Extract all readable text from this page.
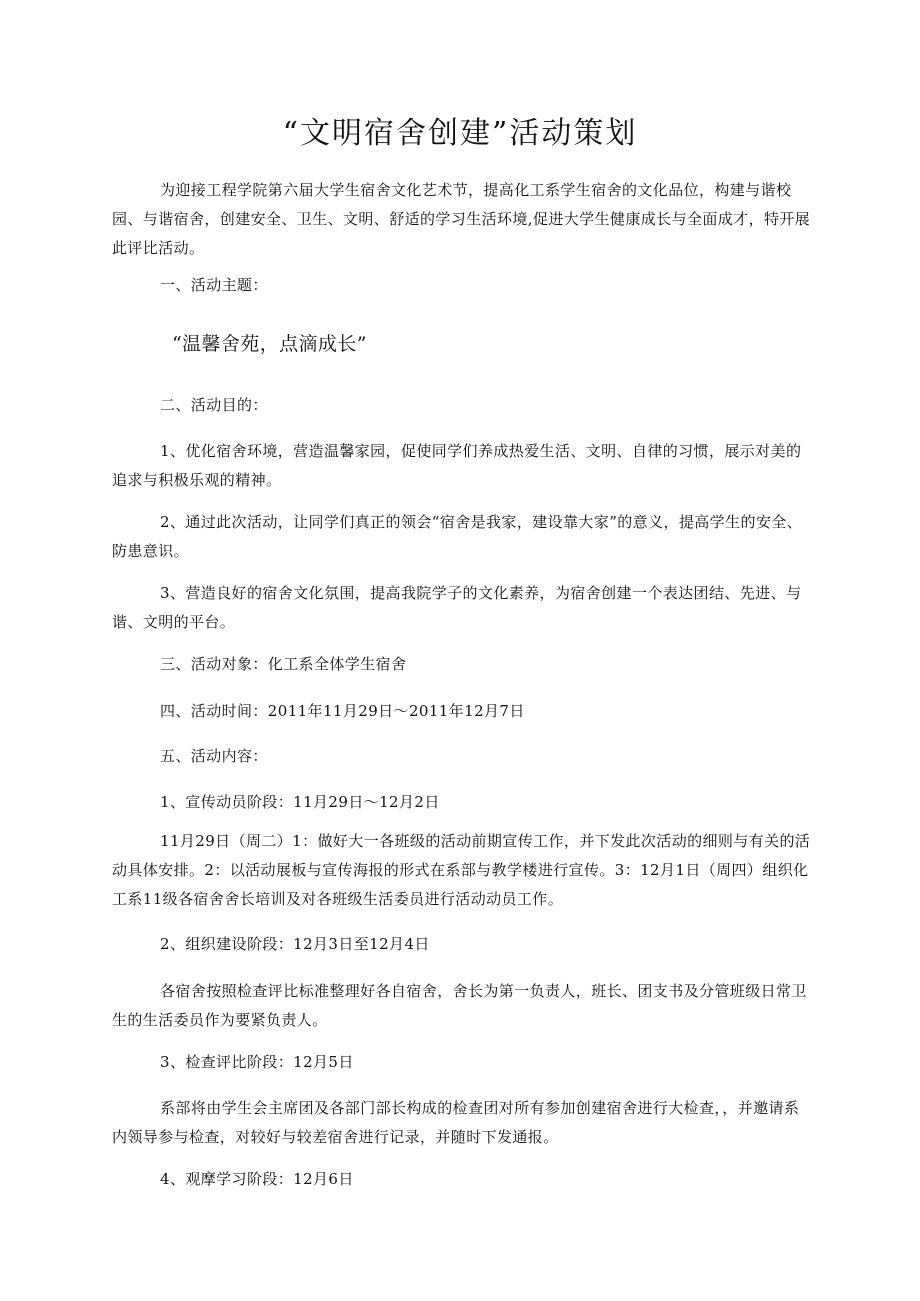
“文明宿舍创建”活动策划

为迎接工程学院第六届大学生宿舍文化艺术节，提高化工系学生宿舍的文化品位，构建与谐校园、与谐宿舍，创建安全、卫生、文明、舒适的学习生活环境,促进大学生健康成长与全面成才，特开展此评比活动。

一、活动主题：

“温馨舍苑，点滴成长”

二、活动目的：

1、优化宿舍环境，营造温馨家园，促使同学们养成热爱生活、文明、自律的习惯，展示对美的追求与积极乐观的精神。

2、通过此次活动，让同学们真正的领会“宿舍是我家，建设靠大家”的意义，提高学生的安全、防患意识。

3、营造良好的宿舍文化氛围，提高我院学子的文化素养，为宿舍创建一个表达团结、先进、与谐、文明的平台。

三、活动对象：化工系全体学生宿舍

四、活动时间：2011年11月29日～2011年12月7日

五、活动内容：

1、宣传动员阶段：11月29日～12月2日

11月29日（周二）1：做好大一各班级的活动前期宣传工作，并下发此次活动的细则与有关的活动具体安排。2：以活动展板与宣传海报的形式在系部与教学楼进行宣传。3：12月1日（周四）组织化工系11级各宿舍舍长培训及对各班级生活委员进行活动动员工作。

2、组织建设阶段：12月3日至12月4日

各宿舍按照检查评比标准整理好各自宿舍，舍长为第一负责人，班长、团支书及分管班级日常卫生的生活委员作为要紧负责人。

3、检查评比阶段：12月5日

系部将由学生会主席团及各部门部长构成的检查团对所有参加创建宿舍进行大检查，，并邀请系内领导参与检查，对较好与较差宿舍进行记录，并随时下发通报。

4、观摩学习阶段：12月6日
